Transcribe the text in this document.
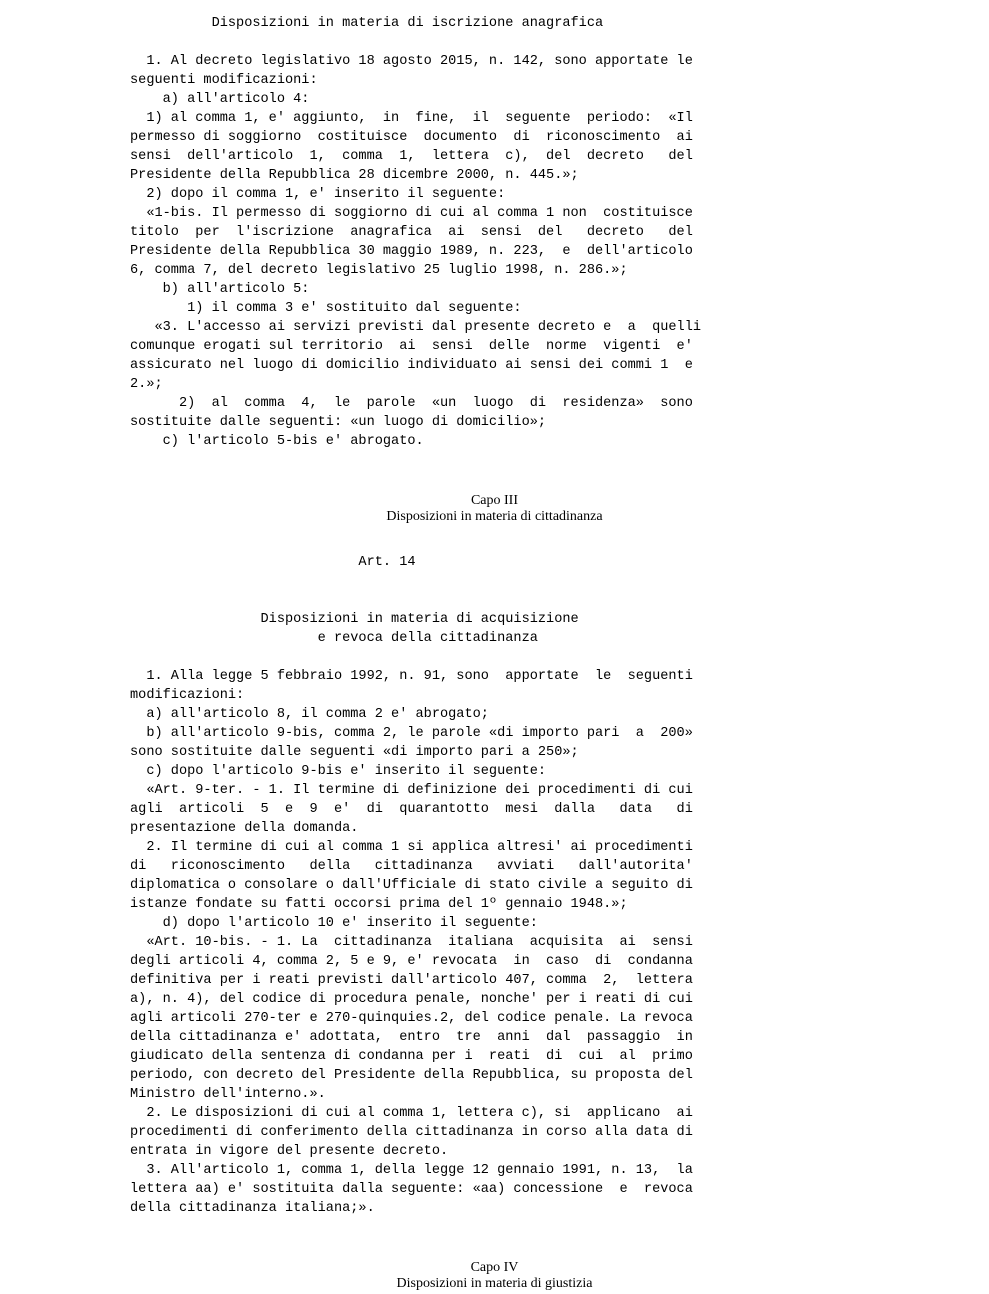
Disposizioni in materia di iscrizione anagrafica
1. Al decreto legislativo 18 agosto 2015, n. 142, sono apportate le
seguenti modificazioni:
a) all'articolo 4:
1) al comma 1, e' aggiunto,  in  fine,  il  seguente  periodo:  «Il
permesso di soggiorno  costituisce  documento  di  riconoscimento  ai
sensi  dell'articolo  1,  comma  1,  lettera  c),  del  decreto   del
Presidente della Repubblica 28 dicembre 2000, n. 445.»;
2) dopo il comma 1, e' inserito il seguente:
«1-bis. Il permesso di soggiorno di cui al comma 1 non  costituisce
titolo  per  l'iscrizione  anagrafica  ai  sensi  del   decreto   del
Presidente della Repubblica 30 maggio 1989, n. 223,  e  dell'articolo
6, comma 7, del decreto legislativo 25 luglio 1998, n. 286.»;
b) all'articolo 5:
1) il comma 3 e' sostituito dal seguente:
«3. L'accesso ai servizi previsti dal presente decreto e  a  quelli
comunque erogati sul territorio  ai  sensi  delle  norme  vigenti  e'
assicurato nel luogo di domicilio individuato ai sensi dei commi 1  e
2.»;
2)  al  comma  4,  le  parole  «un  luogo  di  residenza»  sono
sostituite dalle seguenti: «un luogo di domicilio»;
c) l'articolo 5-bis e' abrogato.
Capo III
Disposizioni in materia di cittadinanza
Art. 14
Disposizioni in materia di acquisizione
e revoca della cittadinanza
1. Alla legge 5 febbraio 1992, n. 91, sono  apportate  le  seguenti
modificazioni:
a) all'articolo 8, il comma 2 e' abrogato;
b) all'articolo 9-bis, comma 2, le parole «di importo pari  a  200»
sono sostituite dalle seguenti «di importo pari a 250»;
c) dopo l'articolo 9-bis e' inserito il seguente:
«Art. 9-ter. - 1. Il termine di definizione dei procedimenti di cui
agli  articoli  5  e  9  e'  di  quarantotto  mesi  dalla   data   di
presentazione della domanda.
2. Il termine di cui al comma 1 si applica altresi' ai procedimenti
di   riconoscimento   della   cittadinanza   avviati   dall'autorita'
diplomatica o consolare o dall'Ufficiale di stato civile a seguito di
istanze fondate su fatti occorsi prima del 1º gennaio 1948.»;
d) dopo l'articolo 10 e' inserito il seguente:
«Art. 10-bis. - 1. La  cittadinanza  italiana  acquisita  ai  sensi
degli articoli 4, comma 2, 5 e 9, e' revocata  in  caso  di  condanna
definitiva per i reati previsti dall'articolo 407, comma  2,  lettera
a), n. 4), del codice di procedura penale, nonche' per i reati di cui
agli articoli 270-ter e 270-quinquies.2, del codice penale. La revoca
della cittadinanza e' adottata,  entro  tre  anni  dal  passaggio  in
giudicato della sentenza di condanna per i  reati  di  cui  al  primo
periodo, con decreto del Presidente della Repubblica, su proposta del
Ministro dell'interno.».
2. Le disposizioni di cui al comma 1, lettera c), si  applicano  ai
procedimenti di conferimento della cittadinanza in corso alla data di
entrata in vigore del presente decreto.
3. All'articolo 1, comma 1, della legge 12 gennaio 1991, n. 13,  la
lettera aa) e' sostituita dalla seguente: «aa) concessione  e  revoca
della cittadinanza italiana;».
Capo IV
Disposizioni in materia di giustizia
